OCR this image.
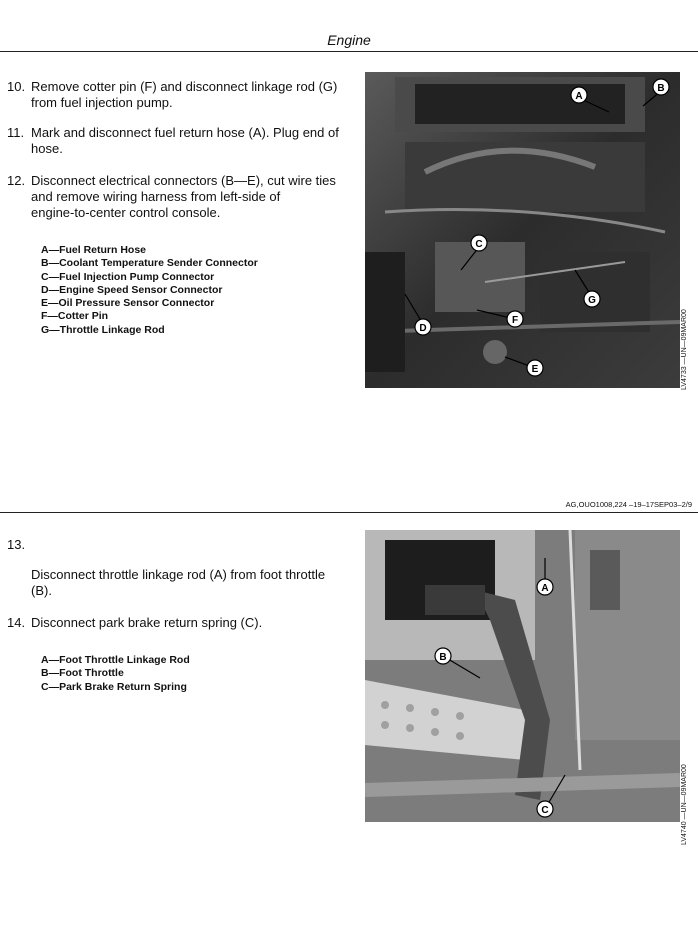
Engine
10. Remove cotter pin (F) and disconnect linkage rod (G)
from fuel injection pump.
11. Mark and disconnect fuel return hose (A). Plug end of
hose.
12. Disconnect electrical connectors (B—E), cut wire ties
and remove wiring harness from left-side of
engine-to-center control console.
A—Fuel Return Hose
B—Coolant Temperature Sender Connector
C—Fuel Injection Pump Connector
D—Engine Speed Sensor Connector
E—Oil Pressure Sensor Connector
F—Cotter Pin
G—Throttle Linkage Rod
A
B
C
D
E
F
G
LV4733 —UN—09MAR00
AG,OUO1008,224 –19–17SEP03–2/9
13.
Disconnect throttle linkage rod (A) from foot throttle
(B).
14. Disconnect park brake return spring (C).
A—Foot Throttle Linkage Rod
B—Foot Throttle
C—Park Brake Return Spring
A
B
C	LV4740 —UN—09MAR00
